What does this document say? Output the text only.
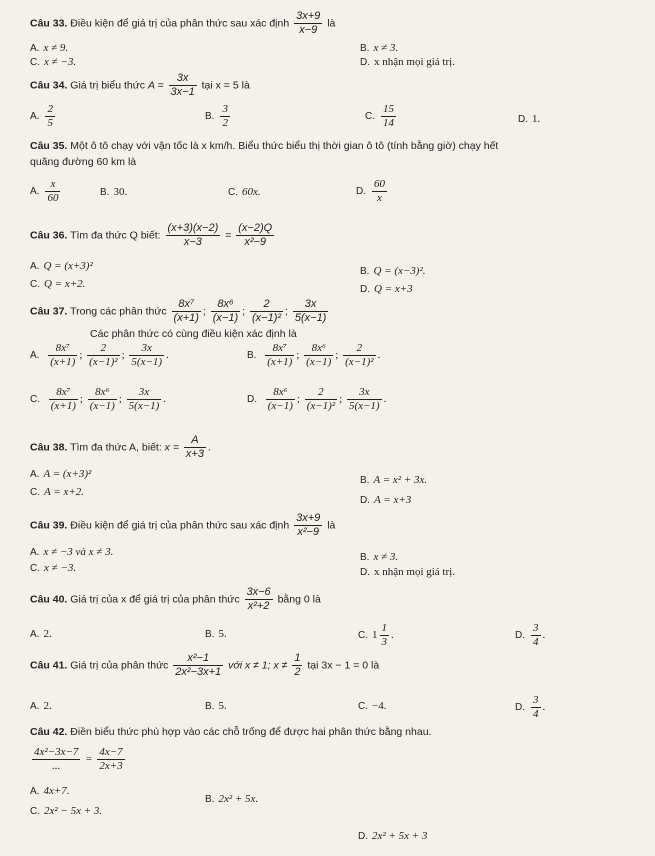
Câu 33. Điều kiện để giá trị của phân thức sau xác định $\frac{3x+9}{x-9}$ là
A. x ≠ 9.	B. x ≠ 3.
C. x ≠ −3.	D. x nhận mọi giá trị.
Câu 34. Giá trị biểu thức $A = \frac{3x}{3x-1}$ tại x = 5 là
A. $\frac{2}{5}$	B. $\frac{3}{2}$	C. $\frac{15}{14}$	D. 1.
Câu 35. Một ô tô chạy với vận tốc là x km/h. Biểu thức biểu thị thời gian ô tô (tính bằng giờ) chạy hết
quãng đường 60 km là
A. $\frac{x}{60}$	B. 30.	C. 60x.	D. $\frac{60}{x}$
Câu 36. Tìm đa thức Q biết: $\frac{(x+3)(x-2)}{x-3} = \frac{(x-2)Q}{\text{x²−9}}$
A. Q = (x+3)²	B. Q = (x−3)².
C. Q = x+2.	D. Q = x+3
Câu 37. Trong các phân thức $\frac{\text{8x⁷}}{(x+1)}$ ; $\frac{\text{8x⁶}}{(x-1)}$ ; $\frac{2}{\text{(x−1)²}}$ ; $\frac{3x}{5(x-1)}$
Các phân thức có cùng điều kiện xác định là
A. $\frac{\text{8x⁷}}{(x+1)}$ ; $\frac{2}{\text{(x−1)²}}$ ; $\frac{3x}{5(x-1)}$ .	B. $\frac{\text{8x⁷}}{(x+1)}$ ; $\frac{\text{8x⁶}}{(x-1)}$ ; $\frac{2}{\text{(x−1)²}}$ .
C. $\frac{\text{8x⁷}}{(x+1)}$ ; $\frac{\text{8x⁶}}{(x-1)}$ ; $\frac{3x}{5(x-1)}$ .	D. $\frac{\text{8x⁶}}{(x-1)}$ ; $\frac{2}{\text{(x−1)²}}$ ; $\frac{3x}{5(x-1)}$ .
Câu 38. Tìm đa thức A, biết: $x = \frac{A}{x+3}$ .
A. A = (x+3)²
B. A = x² + 3x.
C. A = x+2.
D. A = x+3
Câu 39. Điều kiện để giá trị của phân thức sau xác định $\frac{3x+9}{\text{x²−9}}$ là
A. x ≠ −3 và x ≠ 3.	B. x ≠ 3.
C. x ≠ −3.	D. x nhận mọi giá trị.
Câu 40. Giá trị của x để giá trị của phân thức $\frac{3x-6}{\text{x²+2}}$ bằng 0 là
A. 2.	B. 5.	C. $1 \frac{1}{3}$ .	D. $\frac{3}{4}$ .
Câu 41. Giá trị của phân thức $\frac{\text{x²−1}}{\text{2x²−3x+1}}$ với x ≠ 1; $x \ne \frac{1}{2}$ tại 3x − 1 = 0 là
A. 2.	B. 5.	C. −4.	D. $\frac{3}{4}$ .
Câu 42. Điền biểu thức phù hợp vào các chỗ trống để được hai phân thức bằng nhau.
$\frac{\text{4x²−3x−7}}{...} = \frac{4x-7}{2x+3}$
A. 4x+7.
B. 2x² + 5x.
C. 2x² − 5x + 3.
D. 2x² + 5x + 3
